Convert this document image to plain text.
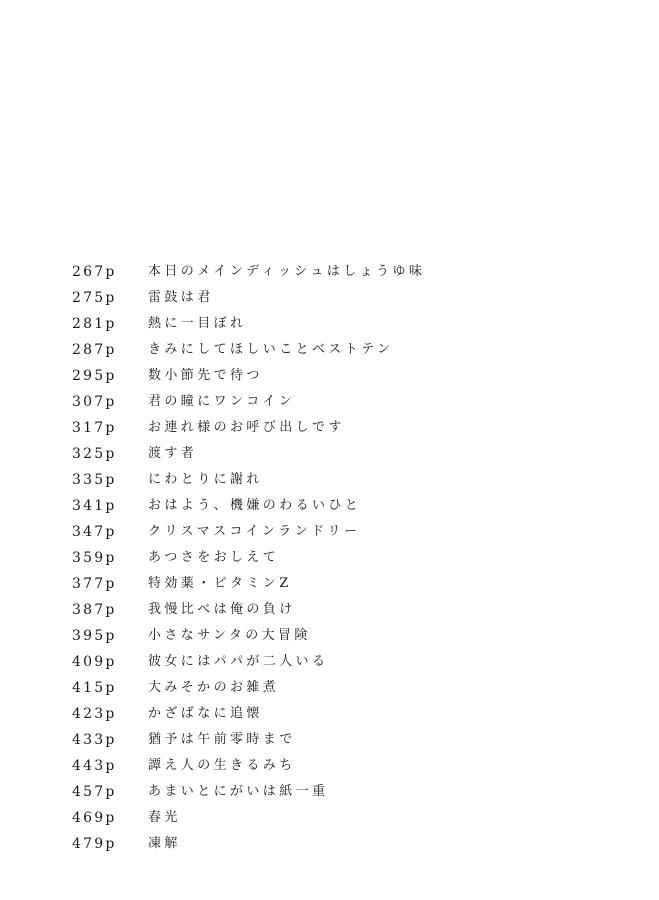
267p	本日のメインディッシュはしょうゆ味
275p	雷鼓は君
281p	熱に一目ぼれ
287p	きみにしてほしいことベストテン
295p	数小節先で待つ
307p	君の瞳にワンコイン
317p	お連れ様のお呼び出しです
325p	渡す者
335p	にわとりに謝れ
341p	おはよう、機嫌のわるいひと
347p	クリスマスコインランドリー
359p	あつさをおしえて
377p	特効薬・ビタミンZ
387p	我慢比べは俺の負け
395p	小さなサンタの大冒険
409p	彼女にはパパが二人いる
415p	大みそかのお雑煮
423p	かざばなに追懐
433p	猶予は午前零時まで
443p	譚え人の生きるみち
457p	あまいとにがいは紙一重
469p	春光
479p	凍解
